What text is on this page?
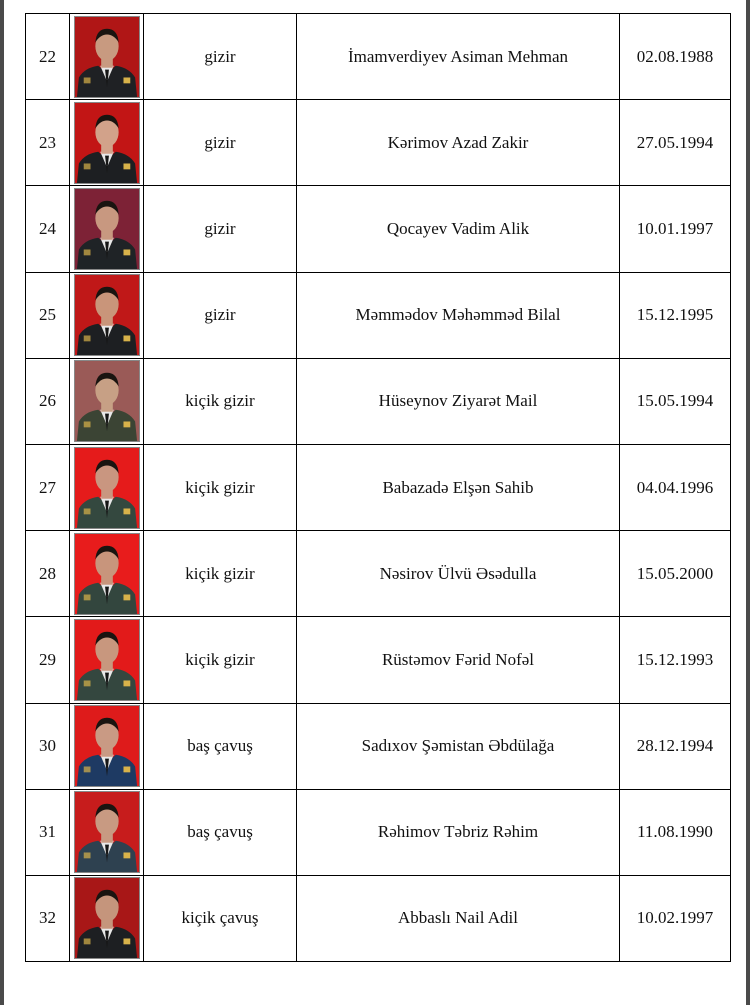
22		gizir	İmamverdiyev Asiman Mehman	02.08.1988
23		gizir	Kərimov Azad Zakir	27.05.1994
24		gizir	Qocayev Vadim Alik	10.01.1997
25		gizir	Məmmədov Məhəmməd Bilal	15.12.1995
26		kiçik gizir	Hüseynov Ziyarət Mail	15.05.1994
27		kiçik gizir	Babazadə Elşən Sahib	04.04.1996
28		kiçik gizir	Nəsirov Ülvü Əsədulla	15.05.2000
29		kiçik gizir	Rüstəmov Fərid Nofəl	15.12.1993
30		baş çavuş	Sadıxov Şəmistan Əbdülağa	28.12.1994
31		baş çavuş	Rəhimov Təbriz Rəhim	11.08.1990
32		kiçik çavuş	Abbaslı Nail Adil	10.02.1997
